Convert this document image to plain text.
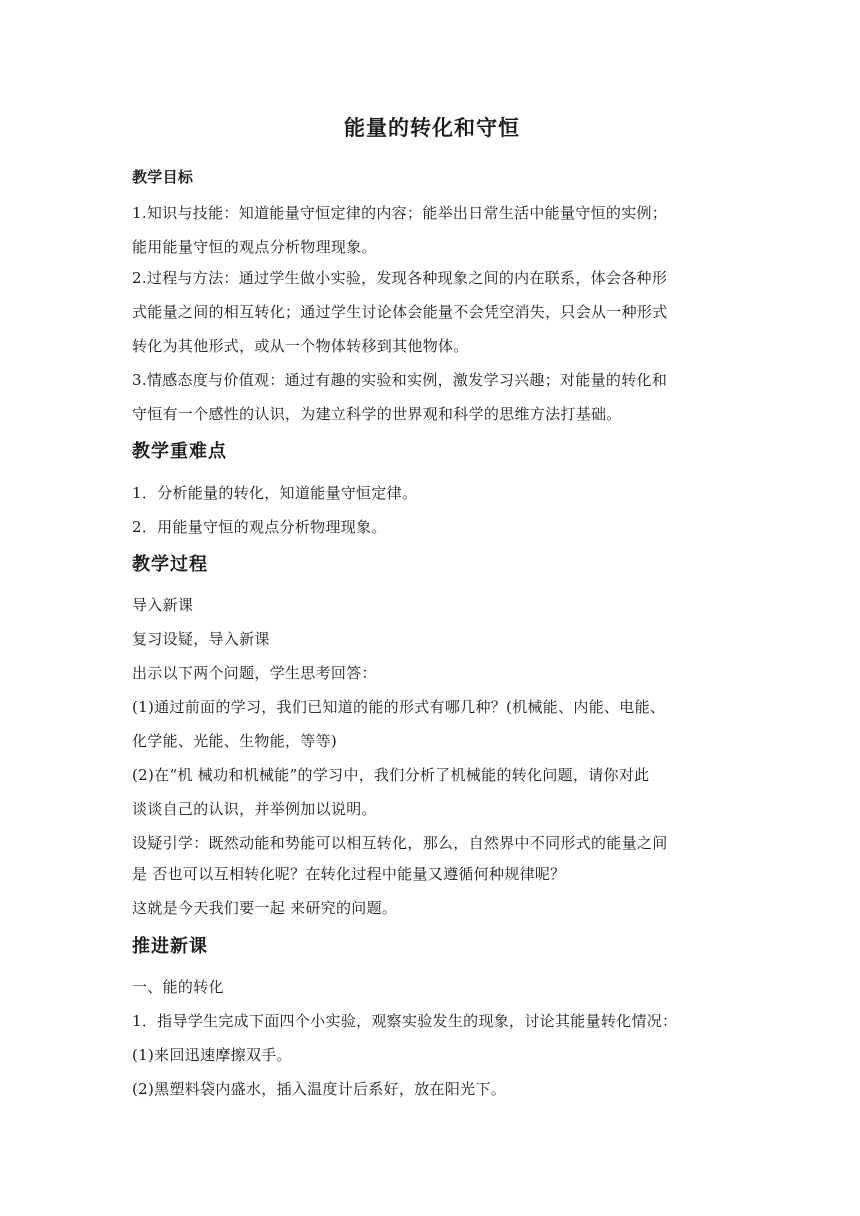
能量的转化和守恒
教学目标
1.知识与技能：知道能量守恒定律的内容；能举出日常生活中能量守恒的实例；
能用能量守恒的观点分析物理现象。
2.过程与方法：通过学生做小实验，发现各种现象之间的内在联系，体会各种形
式能量之间的相互转化；通过学生讨论体会能量不会凭空消失，只会从一种形式
转化为其他形式，或从一个物体转移到其他物体。
3.情感态度与价值观：通过有趣的实验和实例，激发学习兴趣；对能量的转化和
守恒有一个感性的认识，为建立科学的世界观和科学的思维方法打基础。
教学重难点
1．分析能量的转化，知道能量守恒定律。
2．用能量守恒的观点分析物理现象。
教学过程
导入新课
复习设疑，导入新课
出示以下两个问题，学生思考回答：
(1)通过前面的学习，我们已知道的能的形式有哪几种？(机械能、内能、电能、
化学能、光能、生物能，等等)
(2)在“机 械功和机械能”的学习中，我们分析了机械能的转化问题，请你对此
谈谈自己的认识，并举例加以说明。
设疑引学：既然动能和势能可以相互转化，那么，自然界中不同形式的能量之间
是 否也可以互相转化呢？在转化过程中能量又遵循何种规律呢？
这就是今天我们要一起 来研究的问题。
推进新课
一、能的转化
1．指导学生完成下面四个小实验，观察实验发生的现象，讨论其能量转化情况：
(1)来回迅速摩擦双手。
(2)黑塑料袋内盛水，插入温度计后系好，放在阳光下。
